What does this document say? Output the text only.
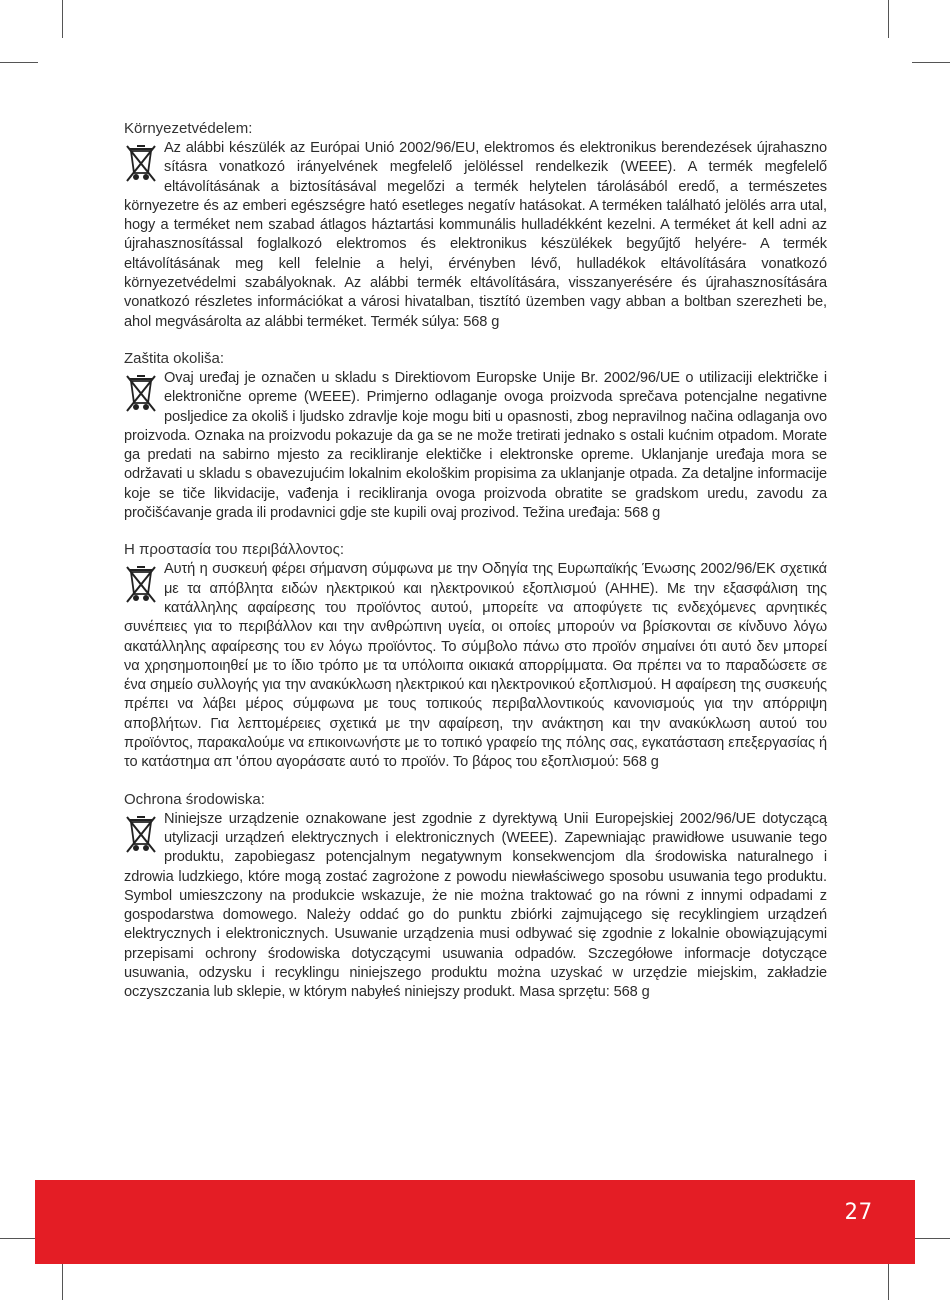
Környezetvédelem:

Az alábbi készülék az Európai Unió 2002/96/EU, elektromos és elektronikus berendezések újrahaszno sításra vonatkozó irányelvének megfelelő jelöléssel rendelkezik (WEEE). A termék megfelelő eltávolításának a biztosításával megelőzi a termék helytelen tárolásából eredő, a természetes környezetre és az emberi egészségre ható esetleges negatív hatásokat. A terméken található jelölés arra utal, hogy a terméket nem szabad átlagos háztartási kommunális hulladékként kezelni. A terméket át kell adni az újrahasznosítással foglalkozó elektromos és elektronikus készülékek begyűjtő helyére- A termék eltávolításának meg kell felelnie a helyi, érvényben lévő, hulladékok eltávolítására vonatkozó környezetvédelmi szabályoknak. Az alábbi termék eltávolítására, visszanyerésére és újrahasznosítására vonatkozó részletes információkat a városi hivatalban, tisztító üzemben vagy abban a boltban szerezheti be, ahol megvásárolta az alábbi terméket. Termék súlya: 568 g

Zaštita okoliša:

Ovaj uređaj je označen u skladu s Direktiovom Europske Unije Br. 2002/96/UE o utilizaciji električke i elektronične opreme (WEEE). Primjerno odlaganje ovoga proizvoda sprečava potencjalne negativne posljedice za okoliš i ljudsko zdravlje koje mogu biti u opasnosti, zbog nepravilnog načina odlaganja ovo proizvoda. Oznaka na proizvodu pokazuje da ga se ne može tretirati jednako s ostali kućnim otpadom. Morate ga predati na sabirno mjesto za recikliranje elektičke i elektronske opreme. Uklanjanje uređaja mora se održavati u skladu s obavezujućim lokalnim ekološkim propisima za uklanjanje otpada. Za detaljne informacije koje se tiče likvidacije, vađenja i recikliranja ovoga proizvoda obratite se gradskom uredu, zavodu za pročišćavanje grada ili prodavnici gdje ste kupili ovaj prozivod. Težina uređaja: 568 g

Η προστασία του περιβάλλοντος:

Αυτή η συσκευή φέρει σήμανση σύμφωνα με την Οδηγία της Ευρωπαϊκής Ένωσης 2002/96/ΕΚ σχετικά με τα απόβλητα ειδών ηλεκτρικού και ηλεκτρονικού εξοπλισμού (ΑΗΗΕ). Με την εξασφάλιση της κατάλληλης αφαίρεσης του προϊόντος αυτού, μπορείτε να αποφύγετε τις ενδεχόμενες αρνητικές συνέπειες για το περιβάλλον και την ανθρώπινη υγεία, οι οποίες μπορούν να βρίσκονται σε κίνδυνο λόγω ακατάλληλης αφαίρεσης του εν λόγω προϊόντος. Το σύμβολο πάνω στο προϊόν σημαίνει ότι αυτό δεν μπορεί να χρησημοποιηθεί με το ίδιο τρόπο με τα υπόλοιπα οικιακά απορρίμματα. Θα πρέπει να το παραδώσετε σε ένα σημείο συλλογής για την ανακύκλωση ηλεκτρικού και ηλεκτρονικού εξοπλισμού. Η αφαίρεση της συσκευής πρέπει να λάβει μέρος σύμφωνα με τους τοπικούς περιβαλλοντικούς κανονισμούς για την απόρριψη αποβλήτων. Για λεπτομέρειες σχετικά με την αφαίρεση, την ανάκτηση και την ανακύκλωση αυτού του προϊόντος, παρακαλούμε να επικοινωνήστε με το τοπικό γραφείο της πόλης σας, εγκατάσταση επεξεργασίας ή το κατάστημα απ 'όπου αγοράσατε αυτό το προϊόν. Το βάρος του εξοπλισμού: 568 g

Ochrona środowiska:

Niniejsze urządzenie oznakowane jest zgodnie z dyrektywą Unii Europejskiej 2002/96/UE dotyczącą utylizacji urządzeń elektrycznych i elektronicznych (WEEE). Zapewniając prawidłowe usuwanie tego produktu, zapobiegasz potencjalnym negatywnym konsekwencjom dla środowiska naturalnego i zdrowia ludzkiego, które mogą zostać zagrożone z powodu niewłaściwego sposobu usuwania tego produktu. Symbol umieszczony na produkcie wskazuje, że nie można traktować go na równi z innymi odpadami z gospodarstwa domowego. Należy oddać go do punktu zbiórki zajmującego się recyklingiem urządzeń elektrycznych i elektronicznych. Usuwanie urządzenia musi odbywać się zgodnie z lokalnie obowiązującymi przepisami ochrony środowiska dotyczącymi usuwania odpadów. Szczegółowe informacje dotyczące usuwania, odzysku i recyklingu niniejszego produktu można uzyskać w urzędzie miejskim, zakładzie oczyszczania lub sklepie, w którym nabyłeś niniejszy produkt. Masa sprzętu: 568 g

27
